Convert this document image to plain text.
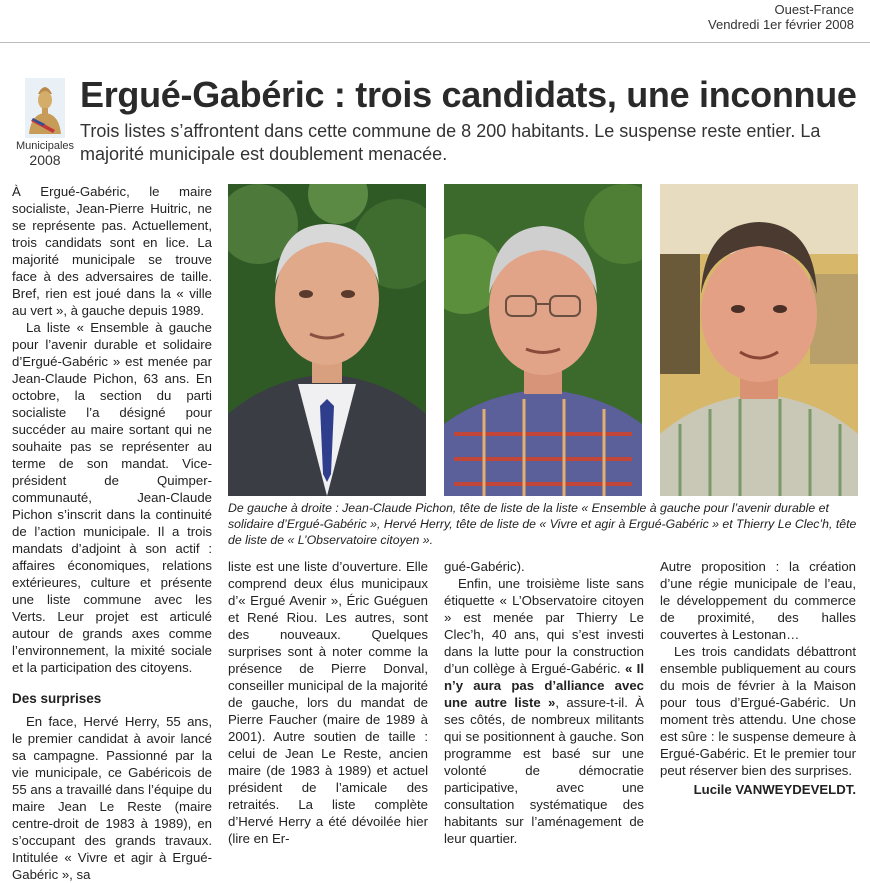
Ouest-France
Vendredi 1er février 2008
Municipales
2008
Ergué-Gabéric : trois candidats, une inconnue
Trois listes s’affrontent dans cette commune de 8 200 habitants. Le suspense reste entier. La majorité municipale est doublement menacée.

À Ergué-Gabéric, le maire socialiste, Jean-Pierre Huitric, ne se représente pas. Actuellement, trois candidats sont en lice. La majorité municipale se trouve face à des adversaires de taille. Bref, rien est joué dans la « ville au vert », à gauche depuis 1989.

La liste « Ensemble à gauche pour l’avenir durable et solidaire d’Ergué-Gabéric » est menée par Jean-Claude Pichon, 63 ans. En octobre, la section du parti socialiste l’a désigné pour succéder au maire sortant qui ne souhaite pas se représenter au terme de son mandat. Vice-président de Quimper-communauté, Jean-Claude Pichon s’inscrit dans la continuité de l’action municipale. Il a trois mandats d’adjoint à son actif : affaires économiques, relations extérieures, culture et présente une liste commune avec les Verts. Leur projet est articulé autour de grands axes comme l’environnement, la mixité sociale et la participation des citoyens.

Des surprises

En face, Hervé Herry, 55 ans, le premier candidat à avoir lancé sa campagne. Passionné par la vie municipale, ce Gabéricois de 55 ans a travaillé dans l’équipe du maire Jean Le Reste (maire centre-droit de 1983 à 1989), en s’occupant des grands travaux. Intitulée « Vivre et agir à Ergué-Gabéric », sa

De gauche à droite : Jean-Claude Pichon, tête de liste de la liste « Ensemble à gauche pour l’avenir durable et solidaire d’Ergué-Gabéric », Hervé Herry, tête de liste de « Vivre et agir à Ergué-Gabéric » et Thierry Le Clec’h, tête de liste de « L’Observatoire citoyen ».

liste est une liste d’ouverture. Elle comprend deux élus municipaux d’« Ergué Avenir », Éric Guéguen et René Riou. Les autres, sont des nouveaux. Quelques surprises sont à noter comme la présence de Pierre Donval, conseiller municipal de la majorité de gauche, lors du mandat de Pierre Faucher (maire de 1989 à 2001). Autre soutien de taille : celui de Jean Le Reste, ancien maire (de 1983 à 1989) et actuel président de l’amicale des retraités. La liste complète d’Hervé Herry a été dévoilée hier (lire en Er-

gué-Gabéric).

Enfin, une troisième liste sans étiquette « L’Observatoire citoyen » est menée par Thierry Le Clec’h, 40 ans, qui s’est investi dans la lutte pour la construction d’un collège à Ergué-Gabéric. « Il n’y aura pas d’alliance avec une autre liste », assure-t-il. À ses côtés, de nombreux militants qui se positionnent à gauche. Son programme est basé sur une volonté de démocratie participative, avec une consultation systématique des habitants sur l’aménagement de leur quartier.

Autre proposition : la création d’une régie municipale de l’eau, le développement du commerce de proximité, des halles couvertes à Lestonan…

Les trois candidats débattront ensemble publiquement au cours du mois de février à la Maison pour tous d’Ergué-Gabéric. Un moment très attendu. Une chose est sûre : le suspense demeure à Ergué-Gabéric. Et le premier tour peut réserver bien des surprises.

Lucile VANWEYDEVELDT.
